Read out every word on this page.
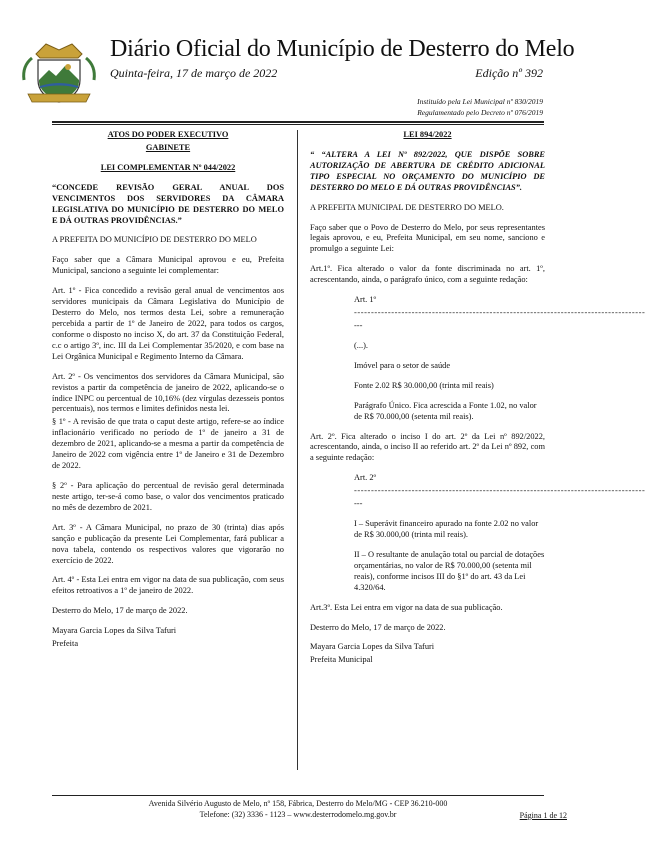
Diário Oficial do Município de Desterro do Melo
Quinta-feira, 17 de março de 2022	Edição nº 392
Instituído pela Lei Municipal nº 830/2019
Regulamentado pelo Decreto nº 076/2019

ATOS DO PODER EXECUTIVO

GABINETE

LEI COMPLEMENTAR Nº 044/2022

“CONCEDE REVISÃO GERAL ANUAL DOS VENCIMENTOS DOS SERVIDORES DA CÂMARA LEGISLATIVA DO MUNICÍPIO DE DESTERRO DO MELO E DÁ OUTRAS PROVIDÊNCIAS.”

A PREFEITA DO MUNICÍPIO DE DESTERRO DO MELO

Faço saber que a Câmara Municipal aprovou e eu, Prefeita Municipal, sanciono a seguinte lei complementar:

Art. 1º - Fica concedido a revisão geral anual de vencimentos aos servidores municipais da Câmara Legislativa do Município de Desterro do Melo, nos termos desta Lei, sobre a remuneração percebida a partir de 1º de Janeiro de 2022, para todos os cargos, conforme o disposto no inciso X, do art. 37 da Constituição Federal, c.c o artigo 3º, inc. III da Lei Complementar 35/2020, e com base na Lei Orgânica Municipal e Regimento Interno da Câmara.

Art. 2º - Os vencimentos dos servidores da Câmara Municipal, são revistos a partir da competência de janeiro de 2022, aplicando-se o índice INPC ou percentual de 10,16% (dez vírgulas dezesseis pontos percentuais), nos termos e limites definidos nesta lei.

§ 1º - A revisão de que trata o caput deste artigo, refere-se ao índice inflacionário verificado no período de 1º de janeiro a 31 de dezembro de 2021, aplicando-se a mesma a partir da competência de Janeiro de 2022 com vigência entre 1º de Janeiro e 31 de Dezembro de 2022.

§ 2º - Para aplicação do percentual de revisão geral determinada neste artigo, ter-se-á como base, o valor dos vencimentos praticado no mês de dezembro de 2021.

Art. 3º - A Câmara Municipal, no prazo de 30 (trinta) dias após sanção e publicação da presente Lei Complementar, fará publicar a nova tabela, contendo os respectivos valores que vigorarão no exercício de 2022.

Art. 4º - Esta Lei entra em vigor na data de sua publicação, com seus efeitos retroativos a 1º de janeiro de 2022.

Desterro do Melo, 17 de março de 2022.

Mayara Garcia Lopes da Silva Tafuri

Prefeita

LEI 894/2022

“ “ALTERA A LEI Nº 892/2022, QUE DISPÕE SOBRE AUTORIZAÇÃO DE ABERTURA DE CRÉDITO ADICIONAL TIPO ESPECIAL NO ORÇAMENTO DO MUNICÍPIO DE DESTERRO DO MELO E DÁ OUTRAS PROVIDÊNCIAS”.

A PREFEITA MUNICIPAL DE DESTERRO DO MELO.

Faço saber que o Povo de Desterro do Melo, por seus representantes legais aprovou, e eu, Prefeita Municipal, em seu nome, sanciono e promulgo a seguinte Lei:

Art.1º. Fica alterado o valor da fonte discriminada no art. 1º, acrescentando, ainda, o parágrafo único, com a seguinte redação:

Art. 1º

--------------------------------------------------------------------------------------

---

(...).

Imóvel para o setor de saúde

Fonte 2.02 R$ 30.000,00 (trinta mil reais)

Parágrafo Único. Fica acrescida a Fonte 1.02, no valor de R$ 70.000,00 (setenta mil reais).

Art. 2º. Fica alterado o inciso I do art. 2º da Lei nº 892/2022, acrescentando, ainda, o inciso II ao referido art. 2º da Lei nº 892, com a seguinte redação:

Art. 2º

--------------------------------------------------------------------------------------

---

I – Superávit financeiro apurado na fonte 2.02 no valor de R$ 30.000,00 (trinta mil reais).

II – O resultante de anulação total ou parcial de dotações orçamentárias, no valor de R$ 70.000,00 (setenta mil reais), conforme incisos III do §1º do art. 43 da Lei 4.320/64.

Art.3º. Esta Lei entra em vigor na data de sua publicação.

Desterro do Melo, 17 de março de 2022.

Mayara Garcia Lopes da Silva Tafuri

Prefeita Municipal

Avenida Silvério Augusto de Melo, nº 158, Fábrica, Desterro do Melo/MG - CEP 36.210-000
Telefone: (32) 3336 - 1123 – www.desterrodomelo.mg.gov.br	Página 1 de 12
